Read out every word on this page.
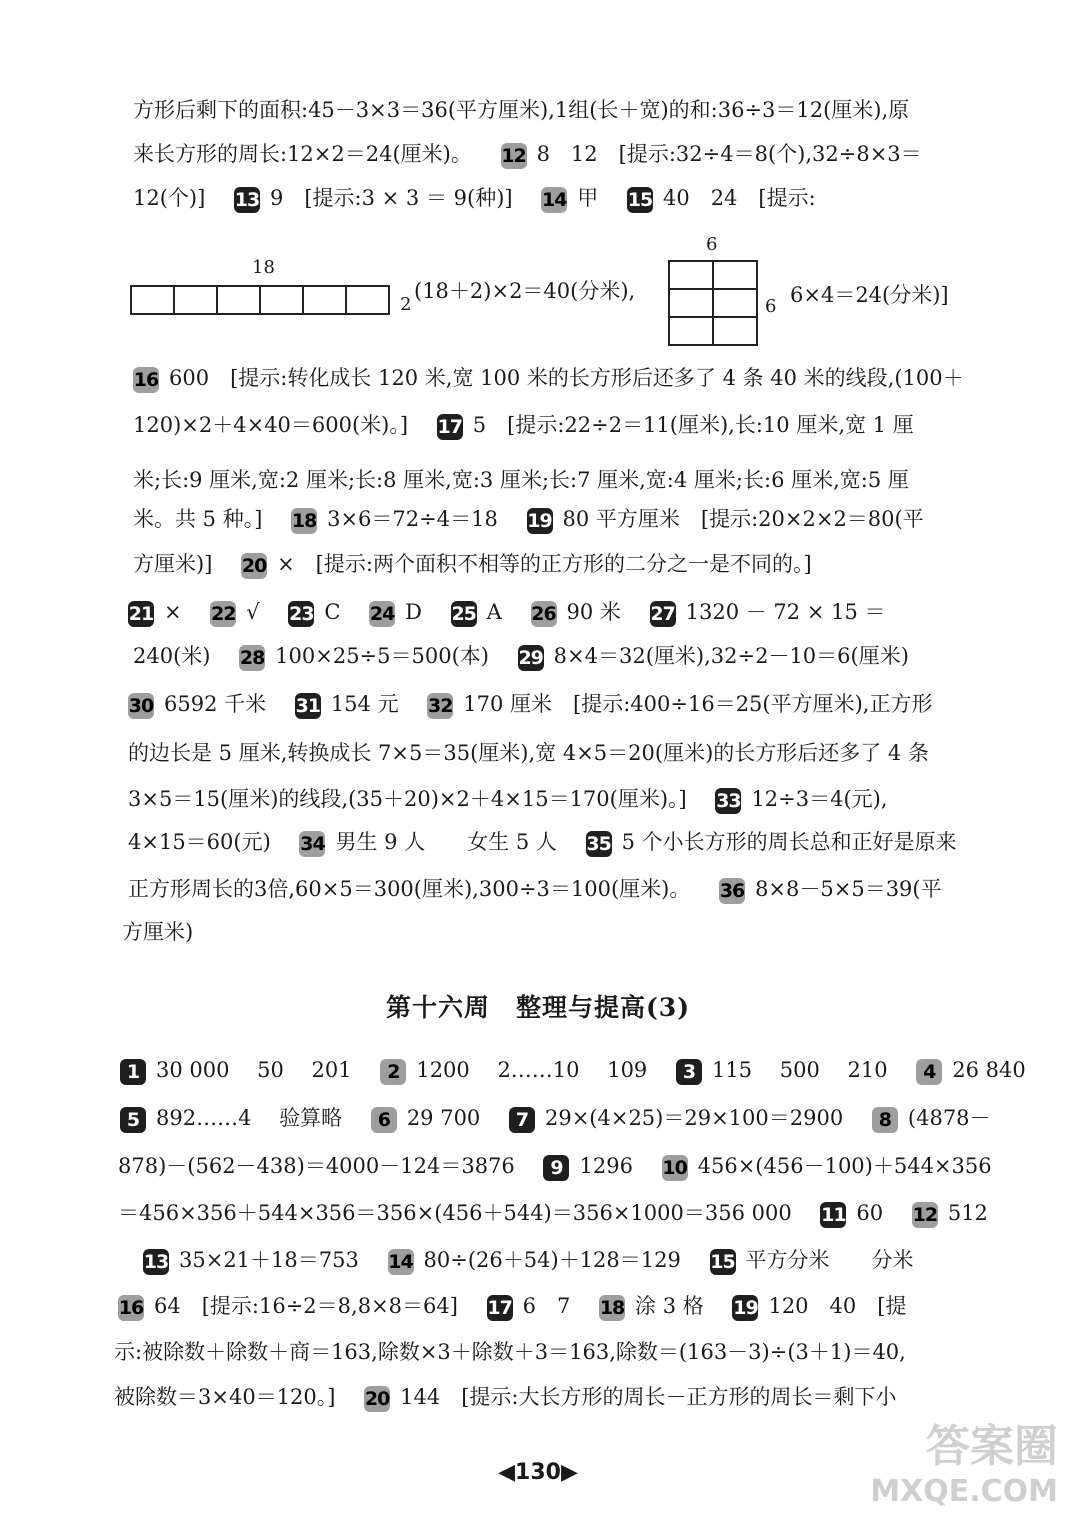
方形后剩下的面积:45－3×3＝36(平方厘米),1组(长＋宽)的和:36÷3＝12(厘米),原
来长方形的周长:12×2＝24(厘米)。 12 8　12　[提示:32÷4＝8(个),32÷8×3＝
12(个)] 13 9　[提示:3 × 3 ＝ 9(种)] 14 甲 15 40　24　[提示:
18
2
(18＋2)×2＝40(分米),
6
6 6×4＝24(分米)]
16 600　[提示:转化成长 120 米,宽 100 米的长方形后还多了 4 条 40 米的线段,(100＋
120)×2＋4×40＝600(米)。] 17 5　[提示:22÷2＝11(厘米),长:10 厘米,宽 1 厘
米;长:9 厘米,宽:2 厘米;长:8 厘米,宽:3 厘米;长:7 厘米,宽:4 厘米;长:6 厘米,宽:5 厘
米。共 5 种。] 18 3×6＝72÷4＝18 19 80 平方厘米　[提示:20×2×2＝80(平
方厘米)] 20 ×　[提示:两个面积不相等的正方形的二分之一是不同的。]
21 × 22 √ 23 C 24 D 25 A 26 90 米 27 1320 － 72 × 15 ＝
240(米) 28 100×25÷5＝500(本) 29 8×4＝32(厘米),32÷2－10＝6(厘米)
30 6592 千米 31 154 元 32 170 厘米　[提示:400÷16＝25(平方厘米),正方形
的边长是 5 厘米,转换成长 7×5＝35(厘米),宽 4×5＝20(厘米)的长方形后还多了 4 条
3×5＝15(厘米)的线段,(35＋20)×2＋4×15＝170(厘米)。] 33 12÷3＝4(元),
4×15＝60(元) 34 男生 9 人　　女生 5 人 35 5 个小长方形的周长总和正好是原来
正方形周长的3倍,60×5＝300(厘米),300÷3＝100(厘米)。 36 8×8－5×5＝39(平
方厘米)
第十六周　整理与提高(3)
1 30 000　 50　 201 2 1200　 2……10　 109 3 115　 500　 210 4 26 840
5 892……4　 验算略 6 29 700 7 29×(4×25)＝29×100＝2900 8 (4878－
878)－(562－438)＝4000－124＝3876 9 1296 10 456×(456－100)＋544×356
＝456×356＋544×356＝356×(456＋544)＝356×1000＝356 000 11 60 12 512
13 35×21＋18＝753 14 80÷(26＋54)＋128＝129 15 平方分米　　分米
16 64　[提示:16÷2＝8,8×8＝64] 17 6　7 18 涂 3 格 19 120　40　[提
示:被除数＋除数＋商＝163,除数×3＋除数＋3＝163,除数＝(163－3)÷(3＋1)＝40,
被除数＝3×40＝120。] 20 144　[提示:大长方形的周长－正方形的周长＝剩下小
◀130▶
答案圈
MXQE.COM
